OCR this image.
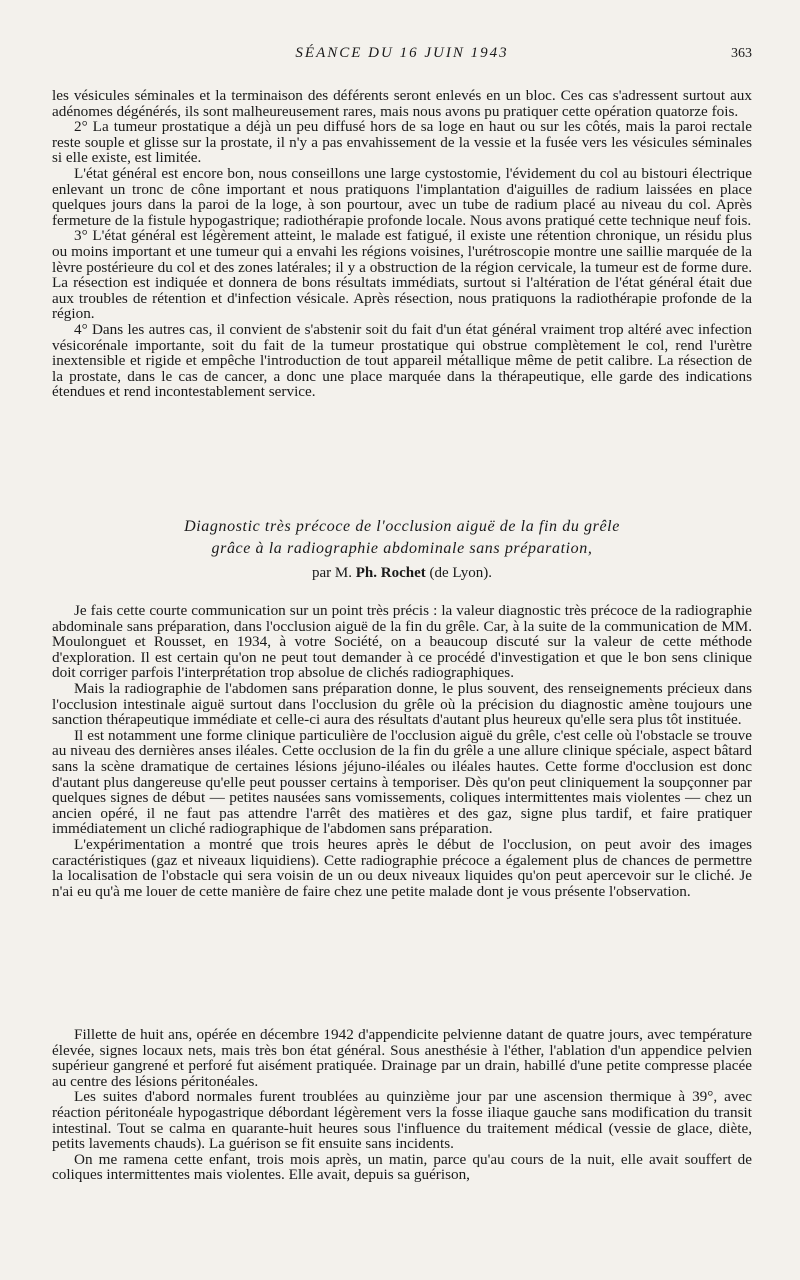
SÉANCE DU 16 JUIN 1943	363

les vésicules séminales et la terminaison des déférents seront enlevés en un bloc. Ces cas s'adressent surtout aux adénomes dégénérés, ils sont malheureusement rares, mais nous avons pu pratiquer cette opération quatorze fois.

2° La tumeur prostatique a déjà un peu diffusé hors de sa loge en haut ou sur les côtés, mais la paroi rectale reste souple et glisse sur la prostate, il n'y a pas envahissement de la vessie et la fusée vers les vésicules séminales si elle existe, est limitée.

L'état général est encore bon, nous conseillons une large cystostomie, l'évidement du col au bistouri électrique enlevant un tronc de cône important et nous pratiquons l'implantation d'aiguilles de radium laissées en place quelques jours dans la paroi de la loge, à son pourtour, avec un tube de radium placé au niveau du col. Après fermeture de la fistule hypogastrique; radiothérapie profonde locale. Nous avons pratiqué cette technique neuf fois.

3° L'état général est légèrement atteint, le malade est fatigué, il existe une rétention chronique, un résidu plus ou moins important et une tumeur qui a envahi les régions voisines, l'urétroscopie montre une saillie marquée de la lèvre postérieure du col et des zones latérales; il y a obstruction de la région cervicale, la tumeur est de forme dure. La résection est indiquée et donnera de bons résultats immédiats, surtout si l'altération de l'état général était due aux troubles de rétention et d'infection vésicale. Après résection, nous pratiquons la radiothérapie profonde de la région.

4° Dans les autres cas, il convient de s'abstenir soit du fait d'un état général vraiment trop altéré avec infection vésicorénale importante, soit du fait de la tumeur prostatique qui obstrue complètement le col, rend l'urètre inextensible et rigide et empêche l'introduction de tout appareil métallique même de petit calibre. La résection de la prostate, dans le cas de cancer, a donc une place marquée dans la thérapeutique, elle garde des indications étendues et rend incontestablement service.

Diagnostic très précoce de l'occlusion aiguë de la fin du grêle
grâce à la radiographie abdominale sans préparation,
par M. Ph. Rochet (de Lyon).

Je fais cette courte communication sur un point très précis : la valeur diagnostic très précoce de la radiographie abdominale sans préparation, dans l'occlusion aiguë de la fin du grêle. Car, à la suite de la communication de MM. Moulonguet et Rousset, en 1934, à votre Société, on a beaucoup discuté sur la valeur de cette méthode d'exploration. Il est certain qu'on ne peut tout demander à ce procédé d'investigation et que le bon sens clinique doit corriger parfois l'interprétation trop absolue de clichés radiographiques.

Mais la radiographie de l'abdomen sans préparation donne, le plus souvent, des renseignements précieux dans l'occlusion intestinale aiguë surtout dans l'occlusion du grêle où la précision du diagnostic amène toujours une sanction thérapeutique immédiate et celle-ci aura des résultats d'autant plus heureux qu'elle sera plus tôt instituée.

Il est notamment une forme clinique particulière de l'occlusion aiguë du grêle, c'est celle où l'obstacle se trouve au niveau des dernières anses iléales. Cette occlusion de la fin du grêle a une allure clinique spéciale, aspect bâtard sans la scène dramatique de certaines lésions jéjuno-iléales ou iléales hautes. Cette forme d'occlusion est donc d'autant plus dangereuse qu'elle peut pousser certains à temporiser. Dès qu'on peut cliniquement la soupçonner par quelques signes de début — petites nausées sans vomissements, coliques intermittentes mais violentes — chez un ancien opéré, il ne faut pas attendre l'arrêt des matières et des gaz, signe plus tardif, et faire pratiquer immédiatement un cliché radiographique de l'abdomen sans préparation.

L'expérimentation a montré que trois heures après le début de l'occlusion, on peut avoir des images caractéristiques (gaz et niveaux liquidiens). Cette radiographie précoce a également plus de chances de permettre la localisation de l'obstacle qui sera voisin de un ou deux niveaux liquides qu'on peut apercevoir sur le cliché. Je n'ai eu qu'à me louer de cette manière de faire chez une petite malade dont je vous présente l'observation.

Fillette de huit ans, opérée en décembre 1942 d'appendicite pelvienne datant de quatre jours, avec température élevée, signes locaux nets, mais très bon état général. Sous anesthésie à l'éther, l'ablation d'un appendice pelvien supérieur gangrené et perforé fut aisément pratiquée. Drainage par un drain, habillé d'une petite compresse placée au centre des lésions péritonéales.

Les suites d'abord normales furent troublées au quinzième jour par une ascension thermique à 39°, avec réaction péritonéale hypogastrique débordant légèrement vers la fosse iliaque gauche sans modification du transit intestinal. Tout se calma en quarante-huit heures sous l'influence du traitement médical (vessie de glace, diète, petits lavements chauds). La guérison se fit ensuite sans incidents.

On me ramena cette enfant, trois mois après, un matin, parce qu'au cours de la nuit, elle avait souffert de coliques intermittentes mais violentes. Elle avait, depuis sa guérison,
